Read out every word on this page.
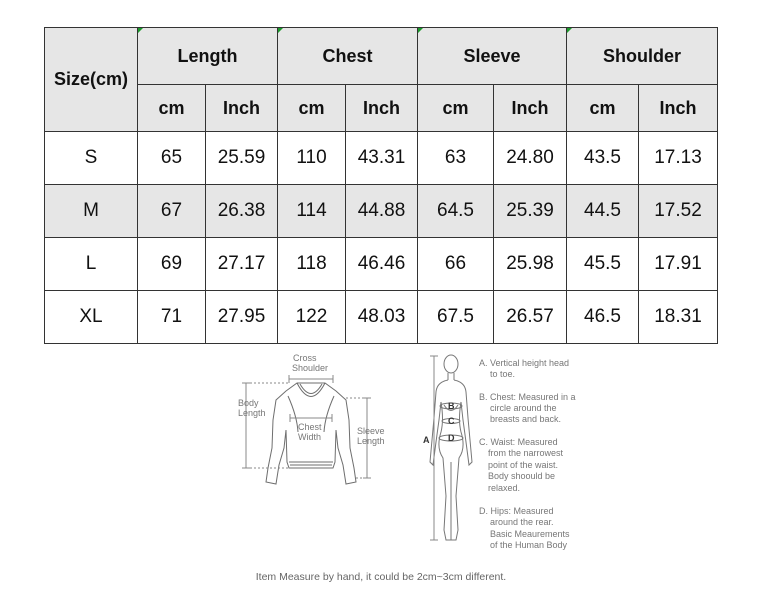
Size(cm)	Length		Chest		Sleeve		Shoulder	
	cm	Inch	cm	Inch	cm	Inch	cm	Inch
S	65	25.59	110	43.31	63	24.80	43.5	17.13
M	67	26.38	114	44.88	64.5	25.39	44.5	17.52
L	69	27.17	118	46.46	66	25.98	45.5	17.91
XL	71	27.95	122	48.03	67.5	26.57	46.5	18.31
Cross
Shoulder
Body
Length
Chest
Width
Sleeve
Length	A
B
C
D
A. Vertical height head
to toe.
B. Chest: Measured in a
circle around the
breasts and back.
C. Waist: Measured
from the narrowest
point of the waist.
Body shoould be
relaxed.
D. Hips: Measured
around the rear.
Basic Meaurements
of the Human Body
Item Measure by hand, it could be 2cm~3cm different.
